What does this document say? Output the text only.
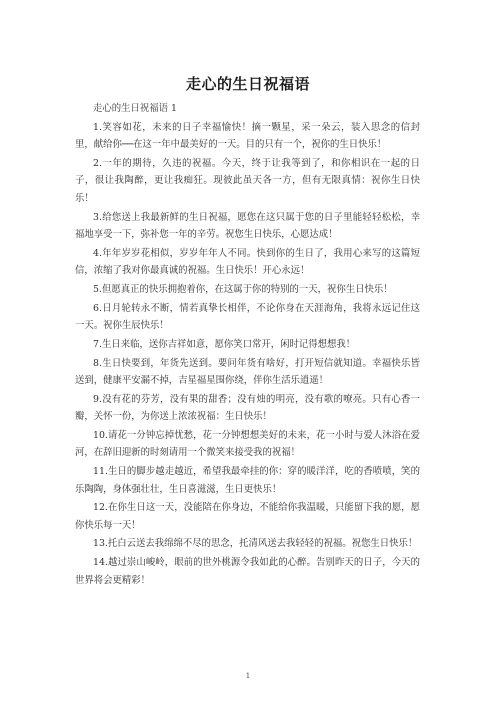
走心的生日祝福语

走心的生日祝福语 1

1.笑容如花，未来的日子幸福愉快！摘一颗星，采一朵云，装入思念的信封里，献给你──在这一年中最美好的一天。目的只有一个，祝你的生日快乐！

2.一年的期待，久违的祝福。今天，终于让我等到了，和你相识在一起的日子，很让我陶醉，更让我痴狂。现彼此虽天各一方，但有无限真情：祝你生日快乐！

3.给您送上我最新鲜的生日祝福，愿您在这只属于您的日子里能轻轻松松，幸福地享受一下，弥补您一年的辛劳。祝您生日快乐，心愿达成！

4.年年岁岁花相似，岁岁年年人不同。快到你的生日了，我用心来写的这篇短信，浓缩了我对你最真诚的祝福。生日快乐！开心永远！

5.但愿真正的快乐拥抱着你，在这属于你的特别的一天，祝你生日快乐！

6.日月轮转永不断，情若真挚长相伴，不论你身在天涯海角，我将永远记住这一天。祝你生辰快乐！

7.生日来临，送你吉祥如意，愿你笑口常开，闲时记得想想我！

8.生日快要到，年货先送到。要问年货有啥好，打开短信就知道。幸福快乐皆送到，健康平安漏不掉，吉星福星围你绕，伴你生活乐逍遥！

9.没有花的芬芳，没有果的甜香；没有烛的明亮，没有歌的嘹亮。只有心香一瓣，关怀一份，为你送上浓浓祝福：生日快乐！

10.请花一分钟忘掉忧愁，花一分钟想想美好的未来，花一小时与爱人沐浴在爱河，在辞旧迎新的时刻请用一个微笑来接受我的祝福！

11.生日的脚步越走越近，希望我最牵挂的你：穿的暖洋洋，吃的香喷喷，笑的乐陶陶，身体强壮壮，生日喜滋滋，生日更快乐！

12.在你生日这一天，没能陪在你身边，不能给你我温暖，只能留下我的愿，愿你快乐每一天！

13.托白云送去我绵绵不尽的思念，托清风送去我轻轻的祝福。祝您生日快乐！

14.越过崇山峻岭，眼前的世外桃源令我如此的心醉。告别昨天的日子，今天的世界将会更精彩！

1
